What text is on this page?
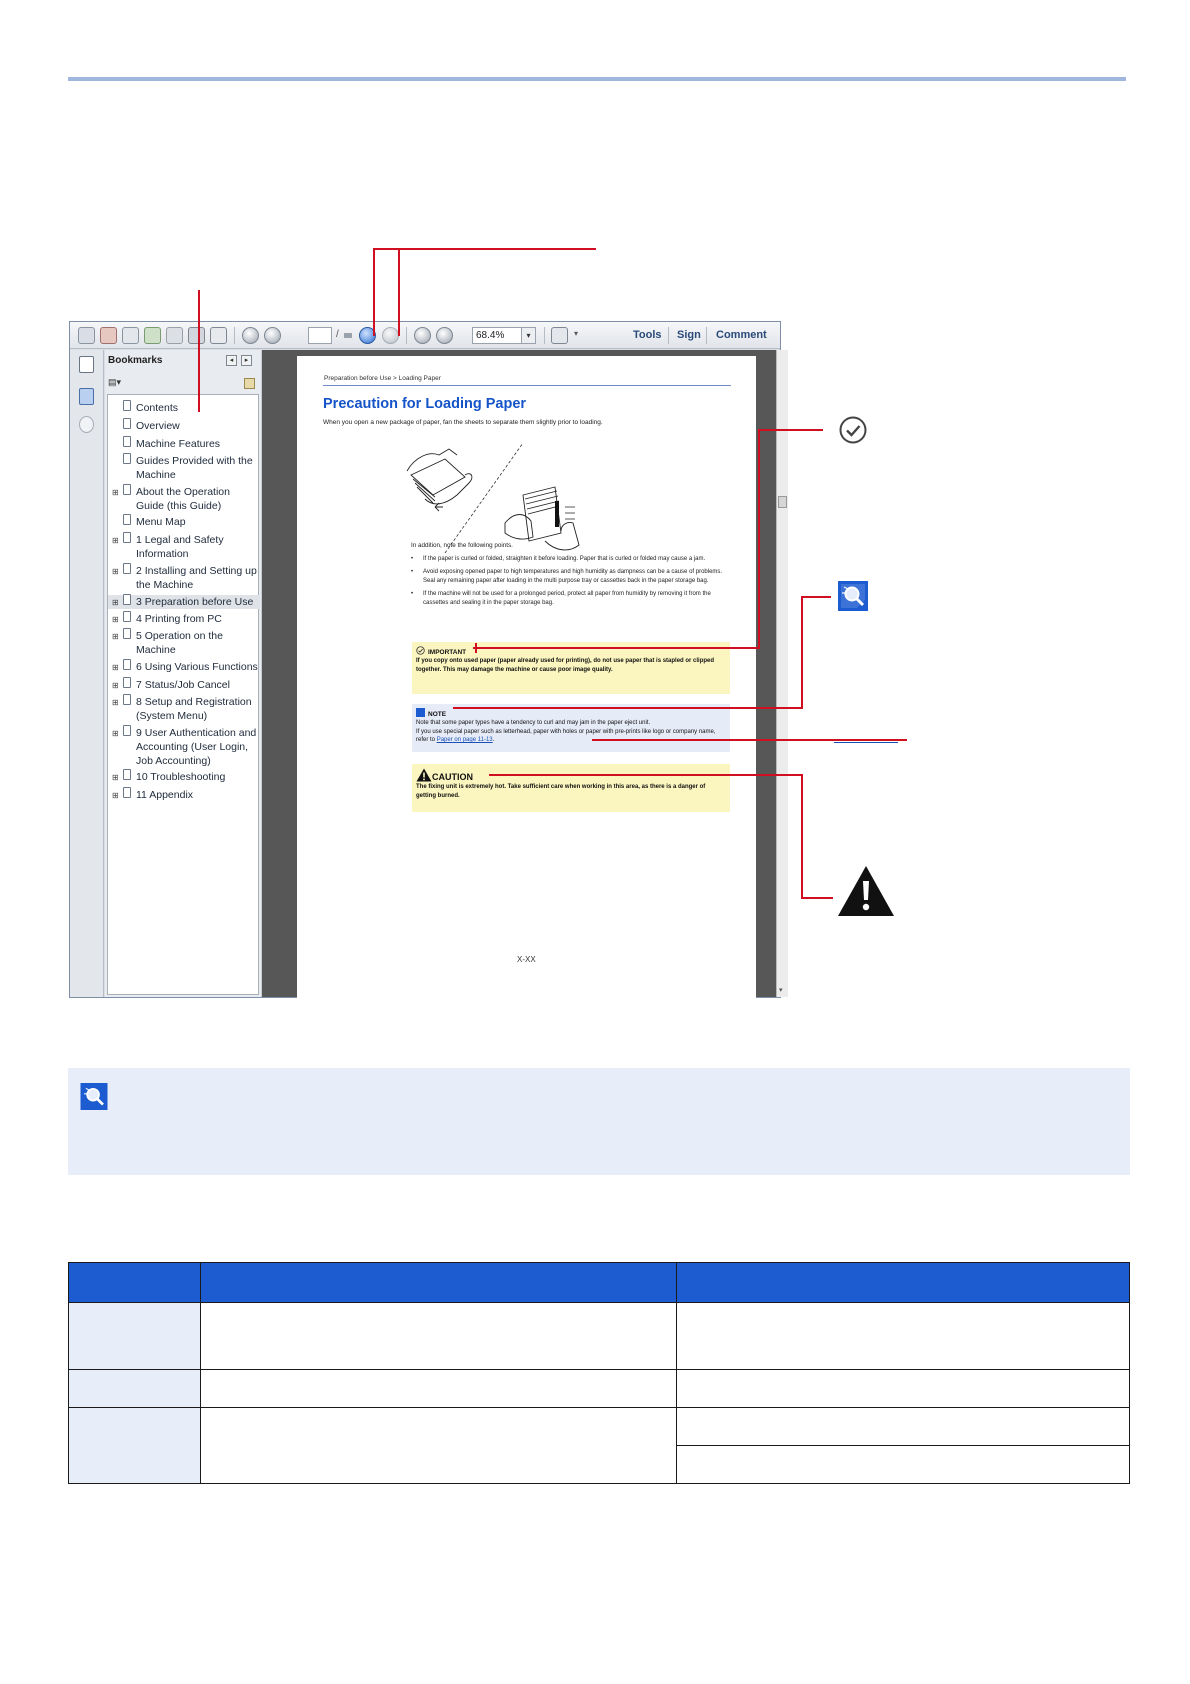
/	68.4%	▾	▾	Tools Sign Comment
Bookmarks	◂	▸
▤▾
Contents
Overview
Machine Features
Guides Provided with the Machine
⊞ About the Operation Guide (this Guide)
Menu Map
⊞ 1 Legal and Safety Information
⊞ 2 Installing and Setting up the Machine
⊞ 3 Preparation before Use
⊞ 4 Printing from PC
⊞ 5 Operation on the Machine
⊞ 6 Using Various Functions
⊞ 7 Status/Job Cancel
⊞ 8 Setup and Registration (System Menu)
⊞ 9 User Authentication and Accounting (User Login, Job Accounting)
⊞ 10 Troubleshooting
⊞ 11 Appendix
▾
Preparation before Use > Loading Paper
Precaution for Loading Paper
When you open a new package of paper, fan the sheets to separate them slightly prior to loading.
In addition, note the following points.
• If the paper is curled or folded, straighten it before loading. Paper that is curled or folded may cause a jam.
• Avoid exposing opened paper to high temperatures and high humidity as dampness can be a cause of problems. Seal any remaining paper after loading in the multi purpose tray or cassettes back in the paper storage bag.
• If the machine will not be used for a prolonged period, protect all paper from humidity by removing it from the cassettes and sealing it in the paper storage bag.
IMPORTANT
If you copy onto used paper (paper already used for printing), do not use paper that is stapled or clipped together. This may damage the machine or cause poor image quality.
NOTE
Note that some paper types have a tendency to curl and may jam in the paper eject unit.
If you use special paper such as letterhead, paper with holes or paper with pre-prints like logo or company name, refer to Paper on page 11-13.
CAUTION
The fixing unit is extremely hot. Take sufficient care when working in this area, as there is a danger of getting burned.
X-XX
